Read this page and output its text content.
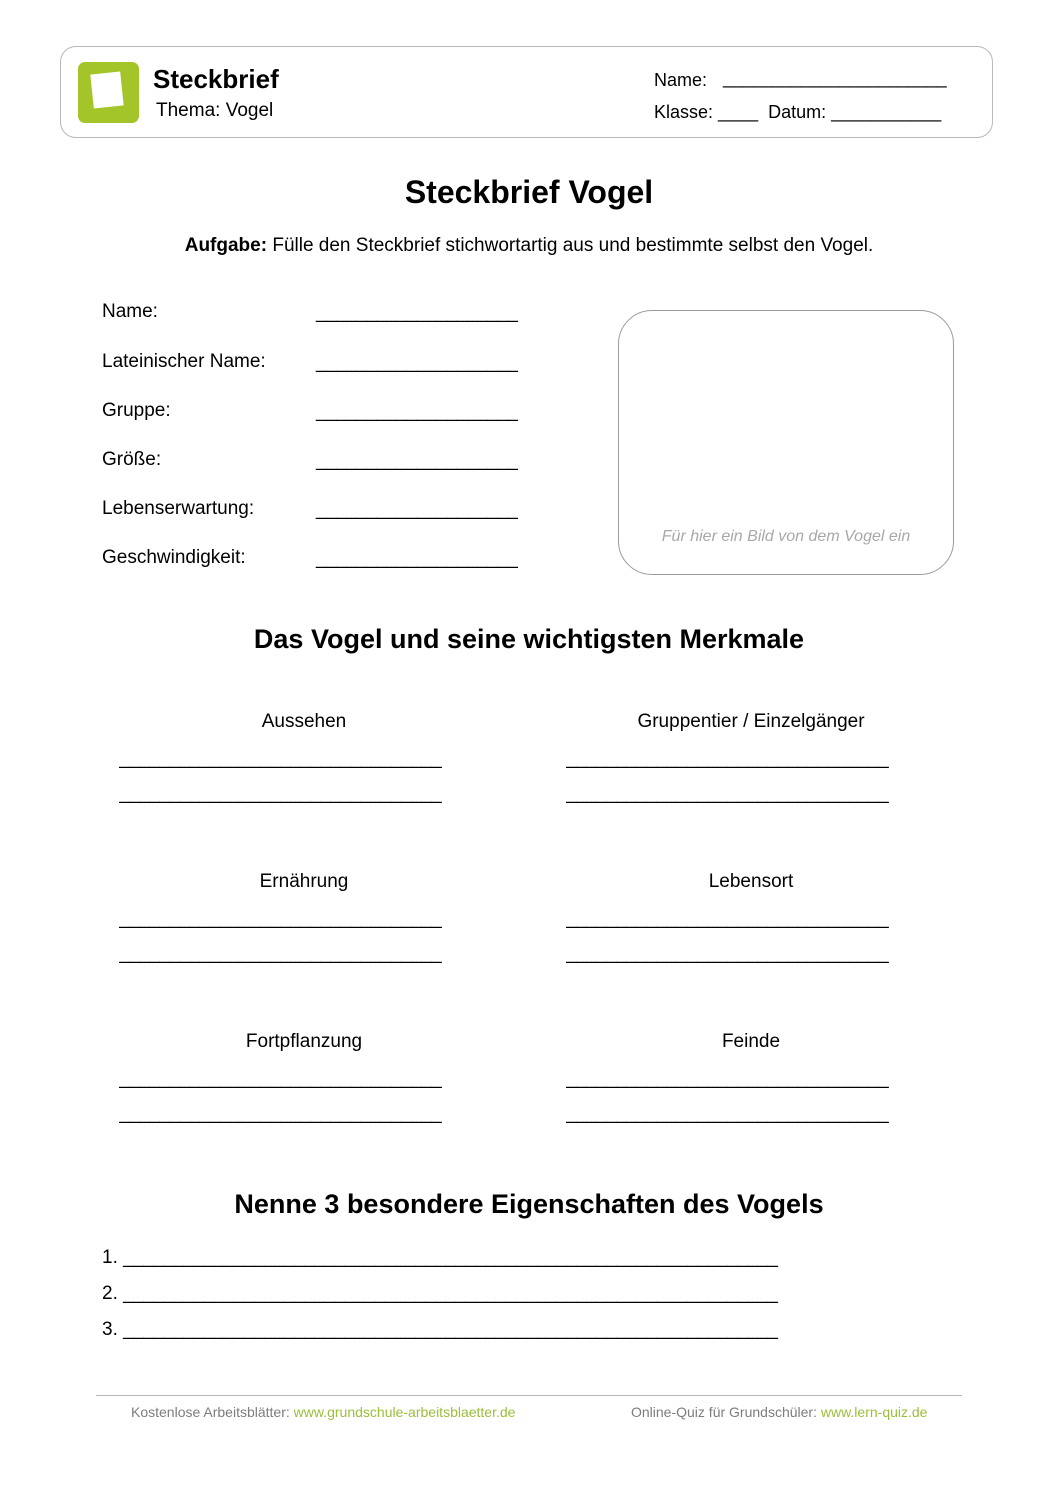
Steckbrief
Thema: Vogel
Name: _______________________
Klasse: ____ Datum: ___________
Steckbrief Vogel
Aufgabe: Fülle den Steckbrief stichwortartig aus und bestimmte selbst den Vogel.
Name:	____________________
Lateinischer Name:	____________________
Gruppe:	____________________
Größe:	____________________
Lebenserwartung:	____________________
Geschwindigkeit:	____________________
Für hier ein Bild von dem Vogel ein
Das Vogel und seine wichtigsten Merkmale
Aussehen
________________________________
________________________________
Ernährung
________________________________
________________________________
Fortpflanzung
________________________________
________________________________
Gruppentier / Einzelgänger
________________________________
________________________________
Lebensort
________________________________
________________________________
Feinde
________________________________
________________________________
Nenne 3 besondere Eigenschaften des Vogels
1. _________________________________________________________________
2. _________________________________________________________________
3. _________________________________________________________________
Kostenlose Arbeitsblätter: www.grundschule-arbeitsblaetter.de	Online-Quiz für Grundschüler: www.lern-quiz.de
